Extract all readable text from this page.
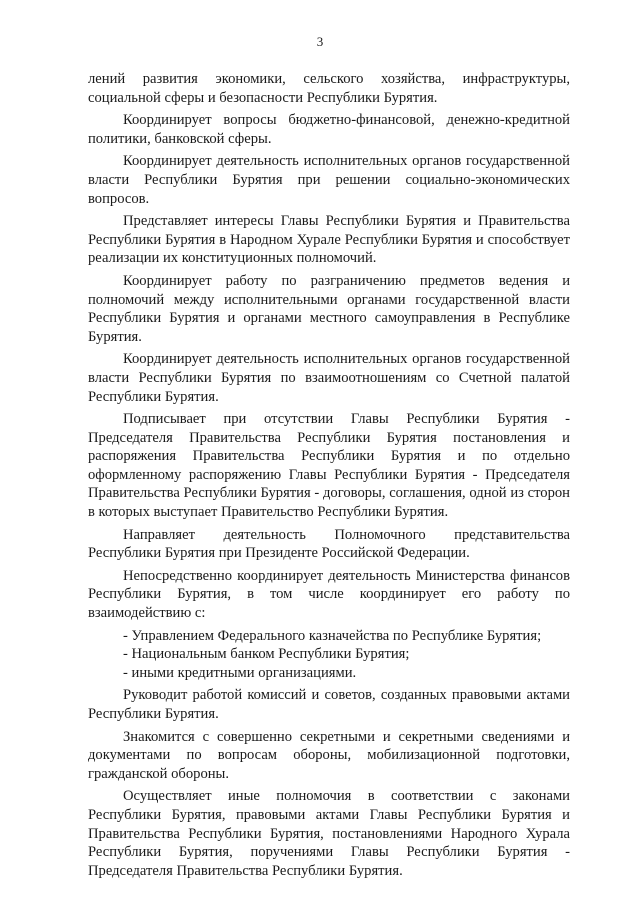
3

лений развития экономики, сельского хозяйства, инфраструктуры, социальной сферы и безопасности Республики Бурятия.

Координирует вопросы бюджетно-финансовой, денежно-кредитной политики, банковской сферы.

Координирует деятельность исполнительных органов государственной власти Республики Бурятия при решении социально-экономических вопросов.

Представляет интересы Главы Республики Бурятия и Правительства Республики Бурятия в Народном Хурале Республики Бурятия и способствует реализации их конституционных полномочий.

Координирует работу по разграничению предметов ведения и полномочий между исполнительными органами государственной власти Республики Бурятия и органами местного самоуправления в Республике Бурятия.

Координирует деятельность исполнительных органов государственной власти Республики Бурятия по взаимоотношениям со Счетной палатой Республики Бурятия.

Подписывает при отсутствии Главы Республики Бурятия - Председателя Правительства Республики Бурятия постановления и распоряжения Правительства Республики Бурятия и по отдельно оформленному распоряжению Главы Республики Бурятия - Председателя Правительства Республики Бурятия - договоры, соглашения, одной из сторон в которых выступает Правительство Республики Бурятия.

Направляет деятельность Полномочного представительства Республики Бурятия при Президенте Российской Федерации.

Непосредственно координирует деятельность Министерства финансов Республики Бурятия, в том числе координирует его работу по взаимодействию с:

- Управлением Федерального казначейства по Республике Бурятия;

- Национальным банком Республики Бурятия;

- иными кредитными организациями.

Руководит работой комиссий и советов, созданных правовыми актами Республики Бурятия.

Знакомится с совершенно секретными и секретными сведениями и документами по вопросам обороны, мобилизационной подготовки, гражданской обороны.

Осуществляет иные полномочия в соответствии с законами Республики Бурятия, правовыми актами Главы Республики Бурятия и Правительства Республики Бурятия, постановлениями Народного Хурала Республики Бурятия, поручениями Главы Республики Бурятия - Председателя Правительства Республики Бурятия.
